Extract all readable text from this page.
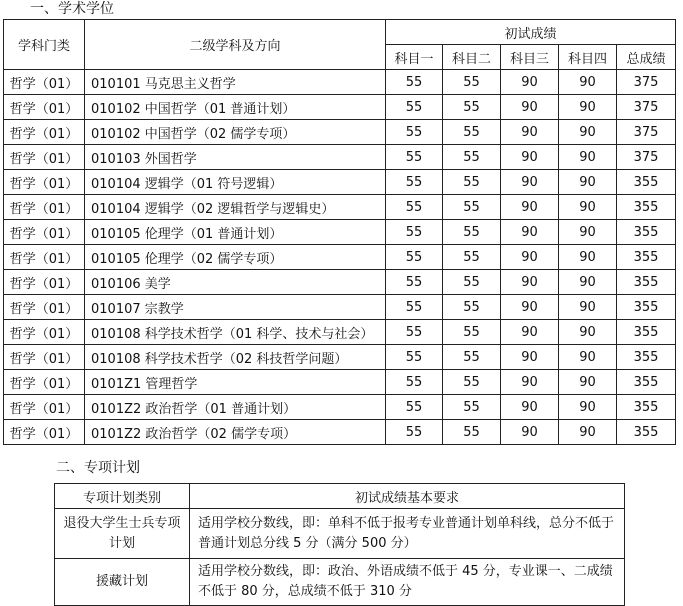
一、学术学位
学科门类	二级学科及方向	初试成绩				
		科目一	科目二	科目三	科目四	总成绩
哲学（01）	010101 马克思主义哲学	55	55	90	90	375
哲学（01）	010102 中国哲学（01 普通计划）	55	55	90	90	375
哲学（01）	010102 中国哲学（02 儒学专项）	55	55	90	90	375
哲学（01）	010103 外国哲学	55	55	90	90	375
哲学（01）	010104 逻辑学（01 符号逻辑）	55	55	90	90	355
哲学（01）	010104 逻辑学（02 逻辑哲学与逻辑史）	55	55	90	90	355
哲学（01）	010105 伦理学（01 普通计划）	55	55	90	90	355
哲学（01）	010105 伦理学（02 儒学专项）	55	55	90	90	355
哲学（01）	010106 美学	55	55	90	90	355
哲学（01）	010107 宗教学	55	55	90	90	355
哲学（01）	010108 科学技术哲学（01 科学、技术与社会）	55	55	90	90	355
哲学（01）	010108 科学技术哲学（02 科技哲学问题）	55	55	90	90	355
哲学（01）	0101Z1 管理哲学	55	55	90	90	355
哲学（01）	0101Z2 政治哲学（01 普通计划）	55	55	90	90	355
哲学（01）	0101Z2 政治哲学（02 儒学专项）	55	55	90	90	355
二、专项计划
专项计划类别	初试成绩基本要求
退役大学生士兵专项计划	适用学校分数线，即：单科不低于报考专业普通计划单科线，总分不低于普通计划总分线 5 分（满分 500 分）
援藏计划	适用学校分数线，即：政治、外语成绩不低于 45 分，专业课一、二成绩不低于 80 分，总成绩不低于 310 分
